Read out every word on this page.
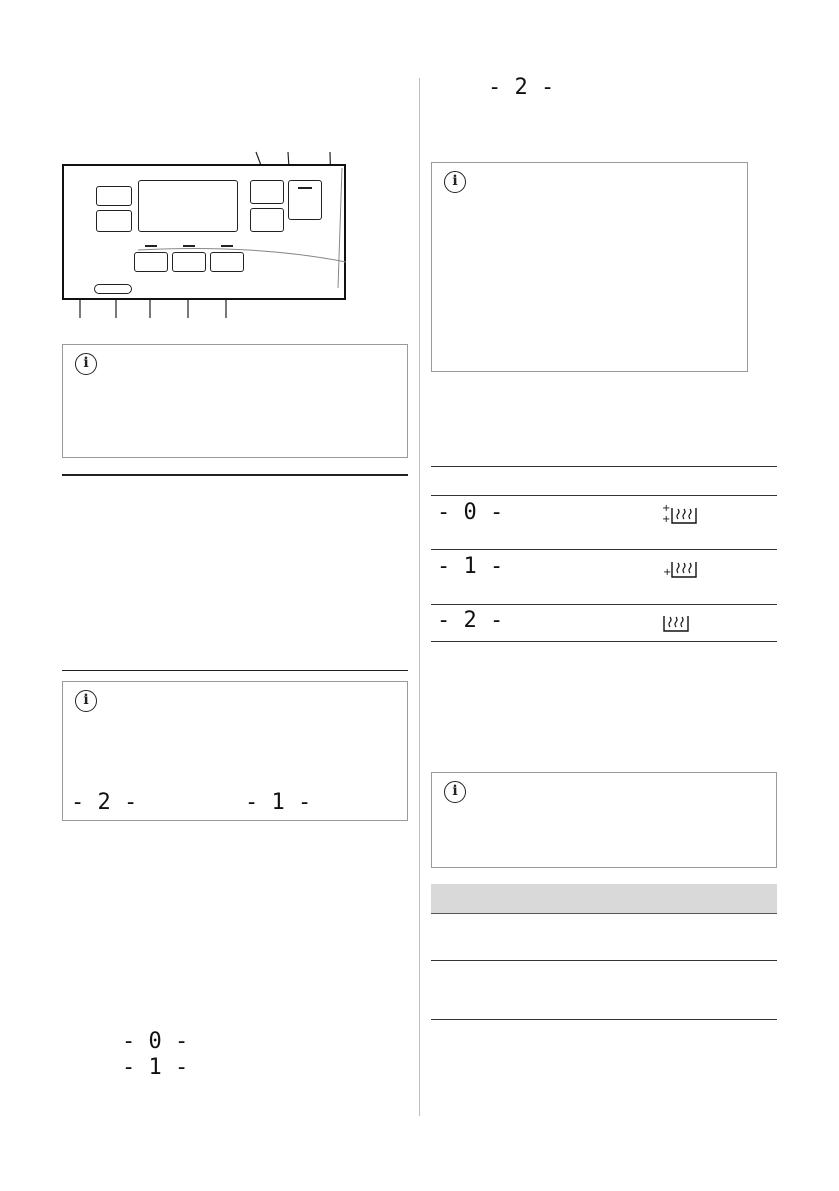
i
i
- 2 -	- 1 -
- 0 -
- 1 -
- 2 -
i
- 0 -
- 1 -
- 2 -
+
+
+
i
